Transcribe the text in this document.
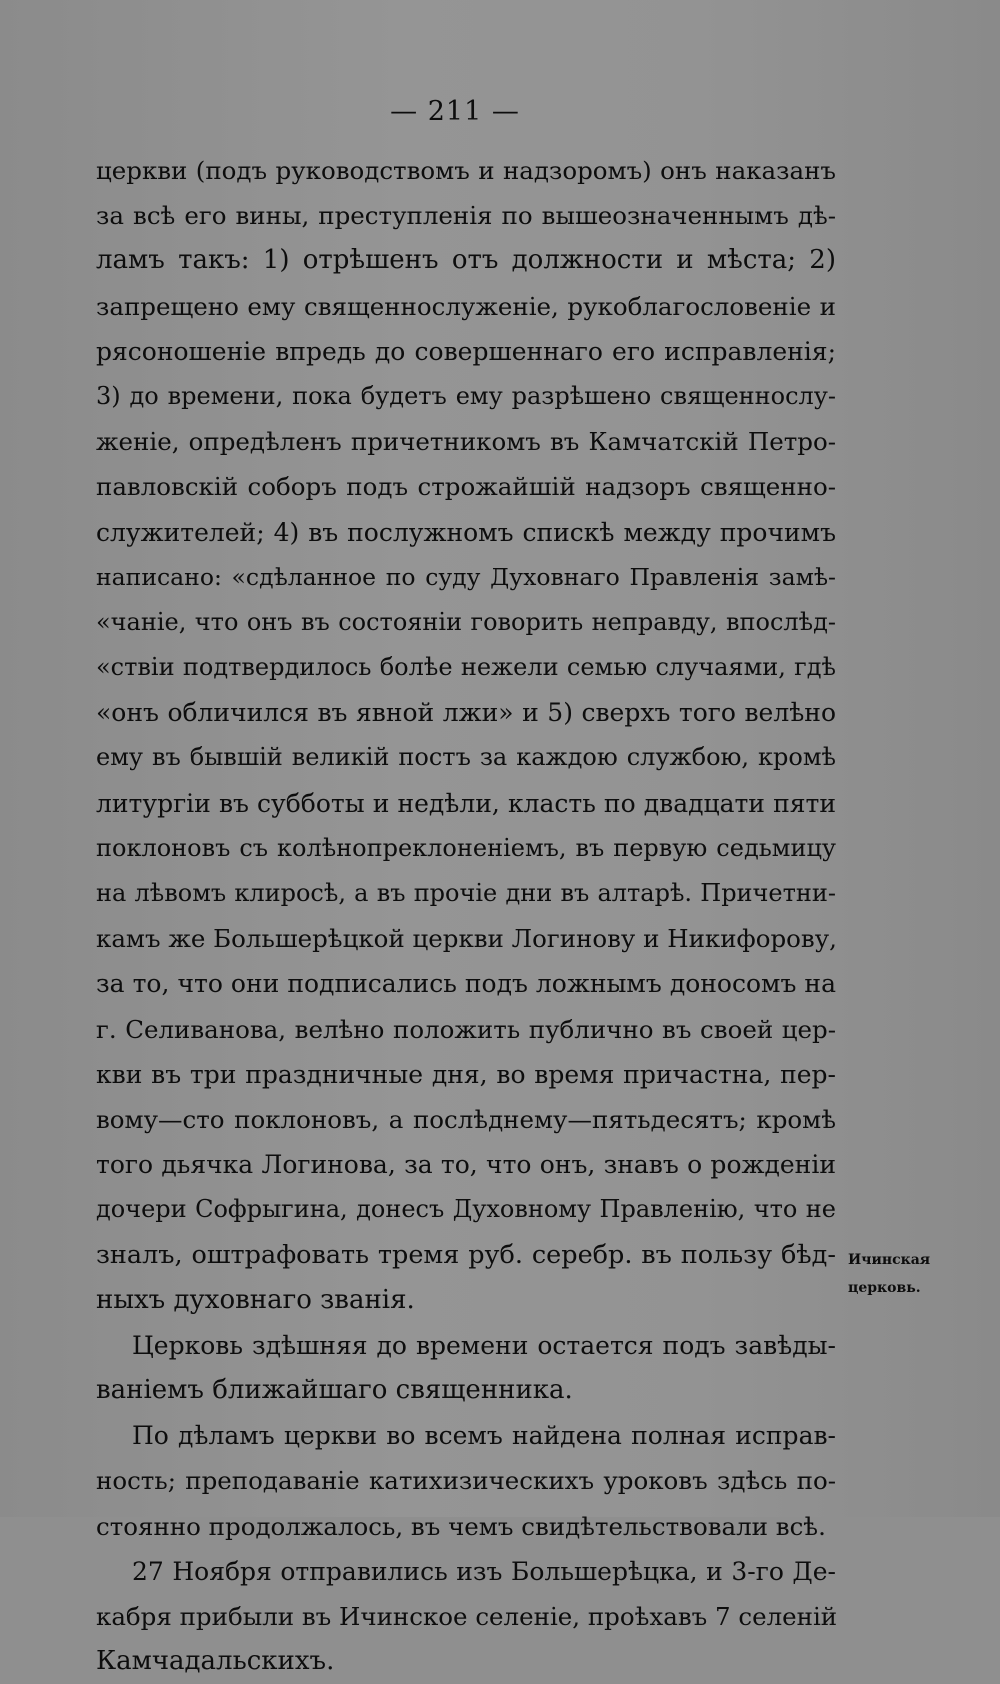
— 211 —
церкви (подъ руководствомъ и надзоромъ) онъ наказанъ
за всѣ его вины, преступленія по вышеозначеннымъ дѣ-
ламъ такъ: 1) отрѣшенъ отъ должности и мѣста; 2)
запрещено ему священнослуженіе, рукоблагословеніе и
рясоношеніе впредь до совершеннаго его исправленія;
3) до времени, пока будетъ ему разрѣшено священнослу-
женіе, опредѣленъ причетникомъ въ Камчатскій Петро-
павловскій соборъ подъ строжайшій надзоръ священно-
служителей; 4) въ послужномъ спискѣ между прочимъ
написано: «сдѣланное по суду Духовнаго Правленія замѣ-
«чаніе, что онъ въ состояніи говорить неправду, впослѣд-
«ствіи подтвердилось болѣе нежели семью случаями, гдѣ
«онъ обличился въ явной лжи» и 5) сверхъ того велѣно
ему въ бывшій великій постъ за каждою службою, кромѣ
литургіи въ субботы и недѣли, класть по двадцати пяти
поклоновъ съ колѣнопреклоненіемъ, въ первую седьмицу
на лѣвомъ клиросѣ, а въ прочіе дни въ алтарѣ. Причетни-
камъ же Большерѣцкой церкви Логинову и Никифорову,
за то, что они подписались подъ ложнымъ доносомъ на
г. Селиванова, велѣно положить публично въ своей цер-
кви въ три праздничные дня, во время причастна, пер-
вому—сто поклоновъ, а послѣднему—пятьдесятъ; кромѣ
того дьячка Логинова, за то, что онъ, знавъ о рожденіи
дочери Софрыгина, донесъ Духовному Правленію, что не
зналъ, оштрафовать тремя руб. серебр. въ пользу бѣд-
ныхъ духовнаго званія.
Церковь здѣшняя до времени остается подъ завѣды-
ваніемъ ближайшаго священника.
По дѣламъ церкви во всемъ найдена полная исправ-
ность; преподаваніе катихизическихъ уроковъ здѣсь по-
стоянно продолжалось, въ чемъ свидѣтельствовали всѣ.
27 Ноября отправились изъ Большерѣцка, и 3-го Де-
кабря прибыли въ Ичинское селеніе, проѣхавъ 7 селеній
Камчадальскихъ.
Ичинская
церковь.
